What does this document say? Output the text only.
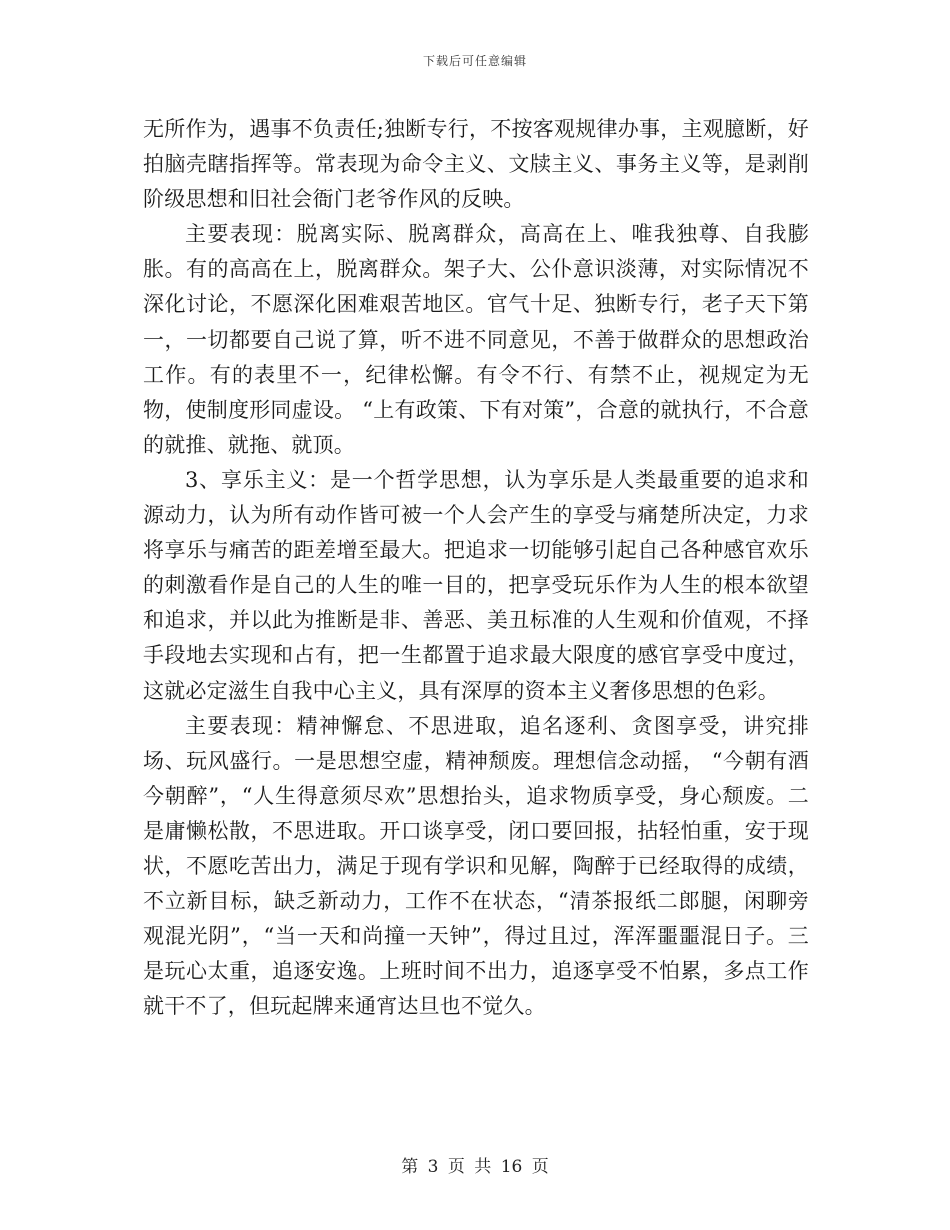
下载后可任意编辑

无所作为，遇事不负责任;独断专行，不按客观规律办事，主观臆断，好拍脑壳瞎指挥等。常表现为命令主义、文牍主义、事务主义等，是剥削阶级思想和旧社会衙门老爷作风的反映。

主要表现：脱离实际、脱离群众，高高在上、唯我独尊、自我膨胀。有的高高在上，脱离群众。架子大、公仆意识淡薄，对实际情况不深化讨论，不愿深化困难艰苦地区。官气十足、独断专行，老子天下第一，一切都要自己说了算，听不进不同意见，不善于做群众的思想政治工作。有的表里不一，纪律松懈。有令不行、有禁不止，视规定为无物，使制度形同虚设。 “上有政策、下有对策”，合意的就执行，不合意的就推、就拖、就顶。

3、享乐主义：是一个哲学思想，认为享乐是人类最重要的追求和源动力，认为所有动作皆可被一个人会产生的享受与痛楚所决定，力求将享乐与痛苦的距差增至最大。把追求一切能够引起自己各种感官欢乐的刺激看作是自己的人生的唯一目的，把享受玩乐作为人生的根本欲望和追求，并以此为推断是非、善恶、美丑标准的人生观和价值观，不择手段地去实现和占有，把一生都置于追求最大限度的感官享受中度过，这就必定滋生自我中心主义，具有深厚的资本主义奢侈思想的色彩。

主要表现：精神懈怠、不思进取，追名逐利、贪图享受，讲究排场、玩风盛行。一是思想空虚，精神颓废。理想信念动摇， “今朝有酒今朝醉”，“人生得意须尽欢”思想抬头，追求物质享受，身心颓废。二是庸懒松散，不思进取。开口谈享受，闭口要回报，拈轻怕重，安于现状，不愿吃苦出力，满足于现有学识和见解，陶醉于已经取得的成绩，不立新目标，缺乏新动力，工作不在状态，“清茶报纸二郎腿，闲聊旁观混光阴”，“当一天和尚撞一天钟”，得过且过，浑浑噩噩混日子。三是玩心太重，追逐安逸。上班时间不出力，追逐享受不怕累，多点工作就干不了，但玩起牌来通宵达旦也不觉久。

第 3 页 共 16 页
